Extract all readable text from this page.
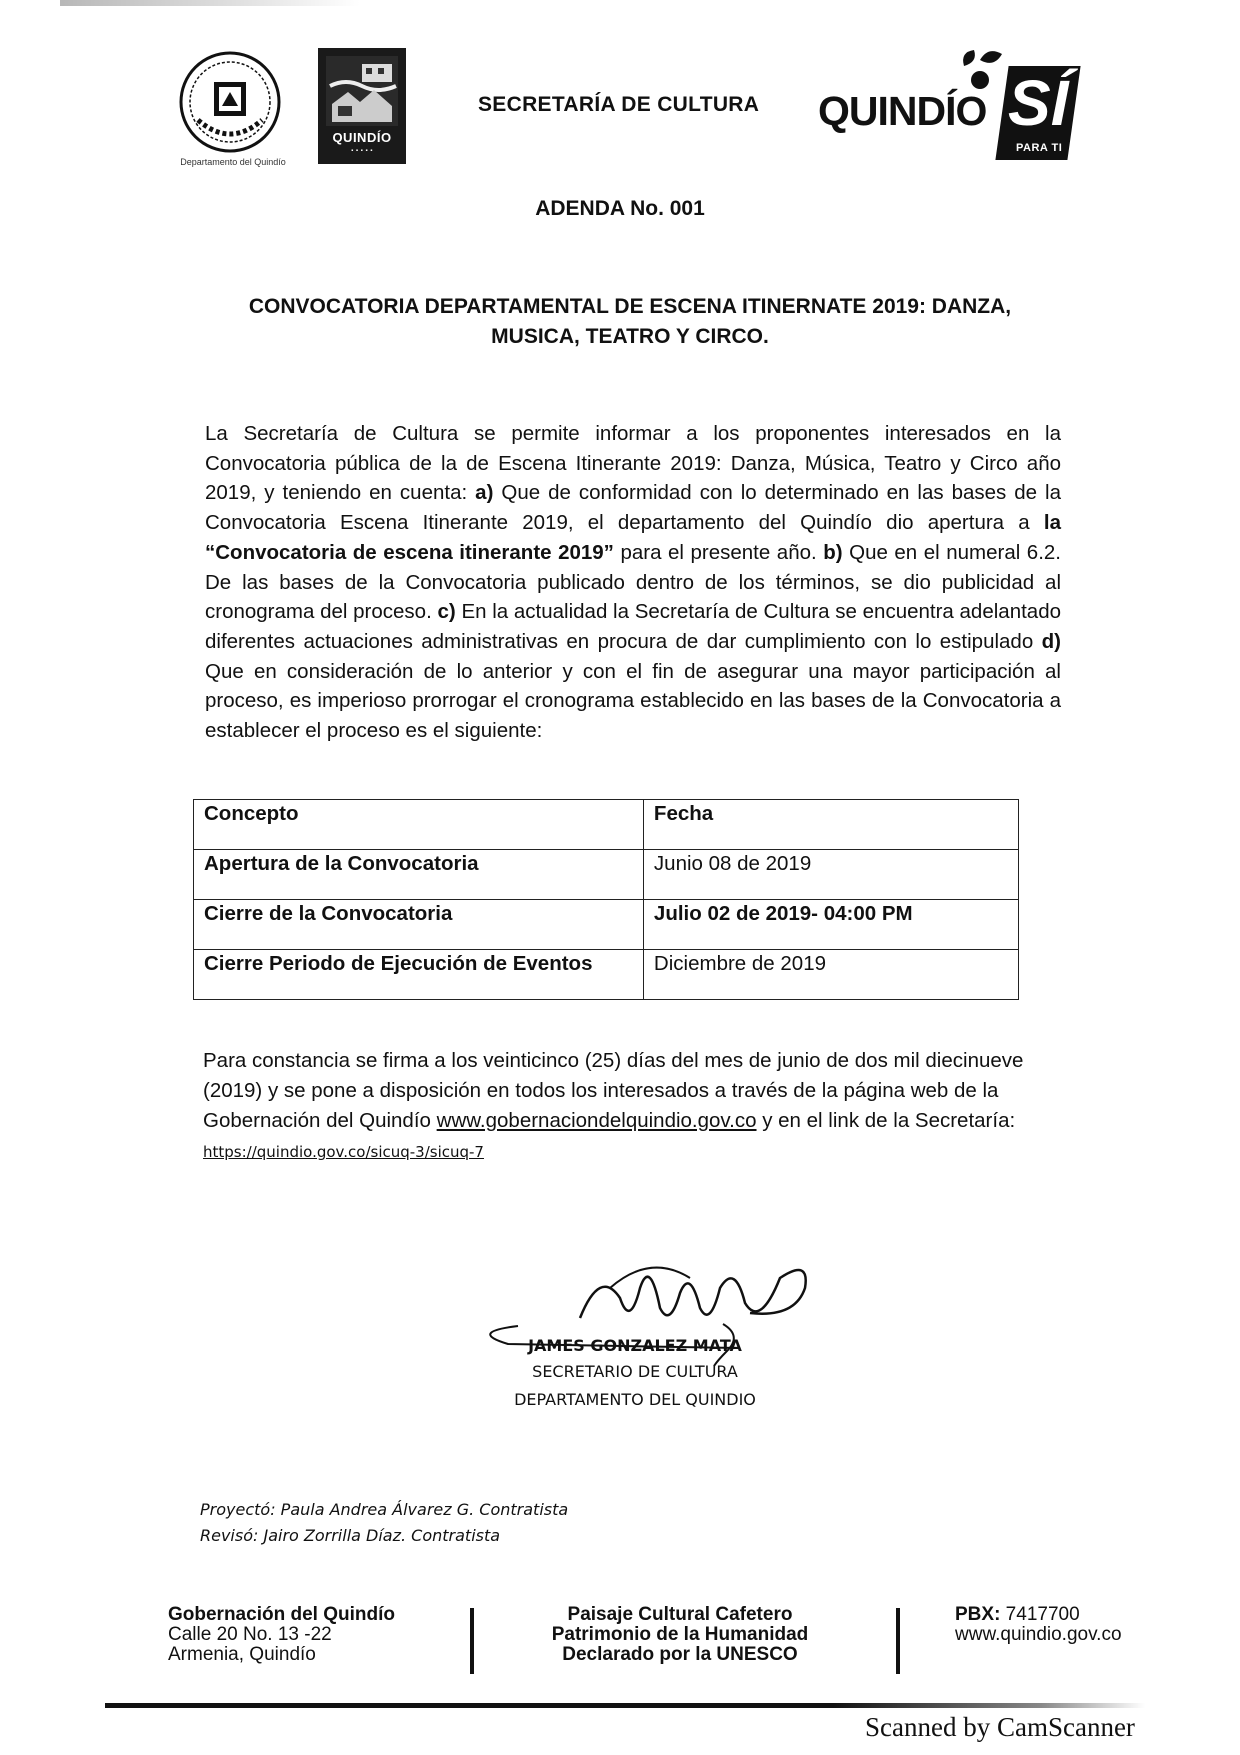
Departamento del Quindío
QUINDÍO
▪ ▪ ▪ ▪ ▪
SECRETARÍA DE CULTURA QUINDÍO SÍ
PARA TI
ADENDA No. 001
CONVOCATORIA DEPARTAMENTAL DE ESCENA ITINERNATE 2019: DANZA,
MUSICA, TEATRO Y CIRCO.
La Secretaría de Cultura se permite informar a los proponentes interesados en la Convocatoria pública de la de Escena Itinerante 2019: Danza, Música, Teatro y Circo año 2019, y teniendo en cuenta: a) Que de conformidad con lo determinado en las bases de la Convocatoria Escena Itinerante 2019, el departamento del Quindío dio apertura a la “Convocatoria de escena itinerante 2019” para el presente año. b) Que en el numeral 6.2. De las bases de la Convocatoria publicado dentro de los términos, se dio publicidad al cronograma del proceso. c) En la actualidad la Secretaría de Cultura se encuentra adelantado diferentes actuaciones administrativas en procura de dar cumplimiento con lo estipulado d) Que en consideración de lo anterior y con el fin de asegurar una mayor participación al proceso, es imperioso prorrogar el cronograma establecido en las bases de la Convocatoria a establecer el proceso es el siguiente:
Concepto	Fecha
Apertura de la Convocatoria	Junio 08 de 2019
Cierre de la Convocatoria	Julio 02 de 2019- 04:00 PM
Cierre Periodo de Ejecución de Eventos	Diciembre de 2019
Para constancia se firma a los veinticinco (25) días del mes de junio de dos mil diecinueve (2019) y se pone a disposición en todos los interesados a través de la página web de la Gobernación del Quindío www.gobernaciondelquindio.gov.co y en el link de la Secretaría: https://quindio.gov.co/sicuq-3/sicuq-7
JAMES GONZALEZ MATA
SECRETARIO DE CULTURA
DEPARTAMENTO DEL QUINDIO
Proyectó: Paula Andrea Álvarez G. Contratista
Revisó: Jairo Zorrilla Díaz. Contratista
Gobernación del Quindío
Calle 20 No. 13 -22
Armenia, Quindío
Paisaje Cultural Cafetero
Patrimonio de la Humanidad
Declarado por la UNESCO
PBX: 7417700
www.quindio.gov.co
Scanned by CamScanner
